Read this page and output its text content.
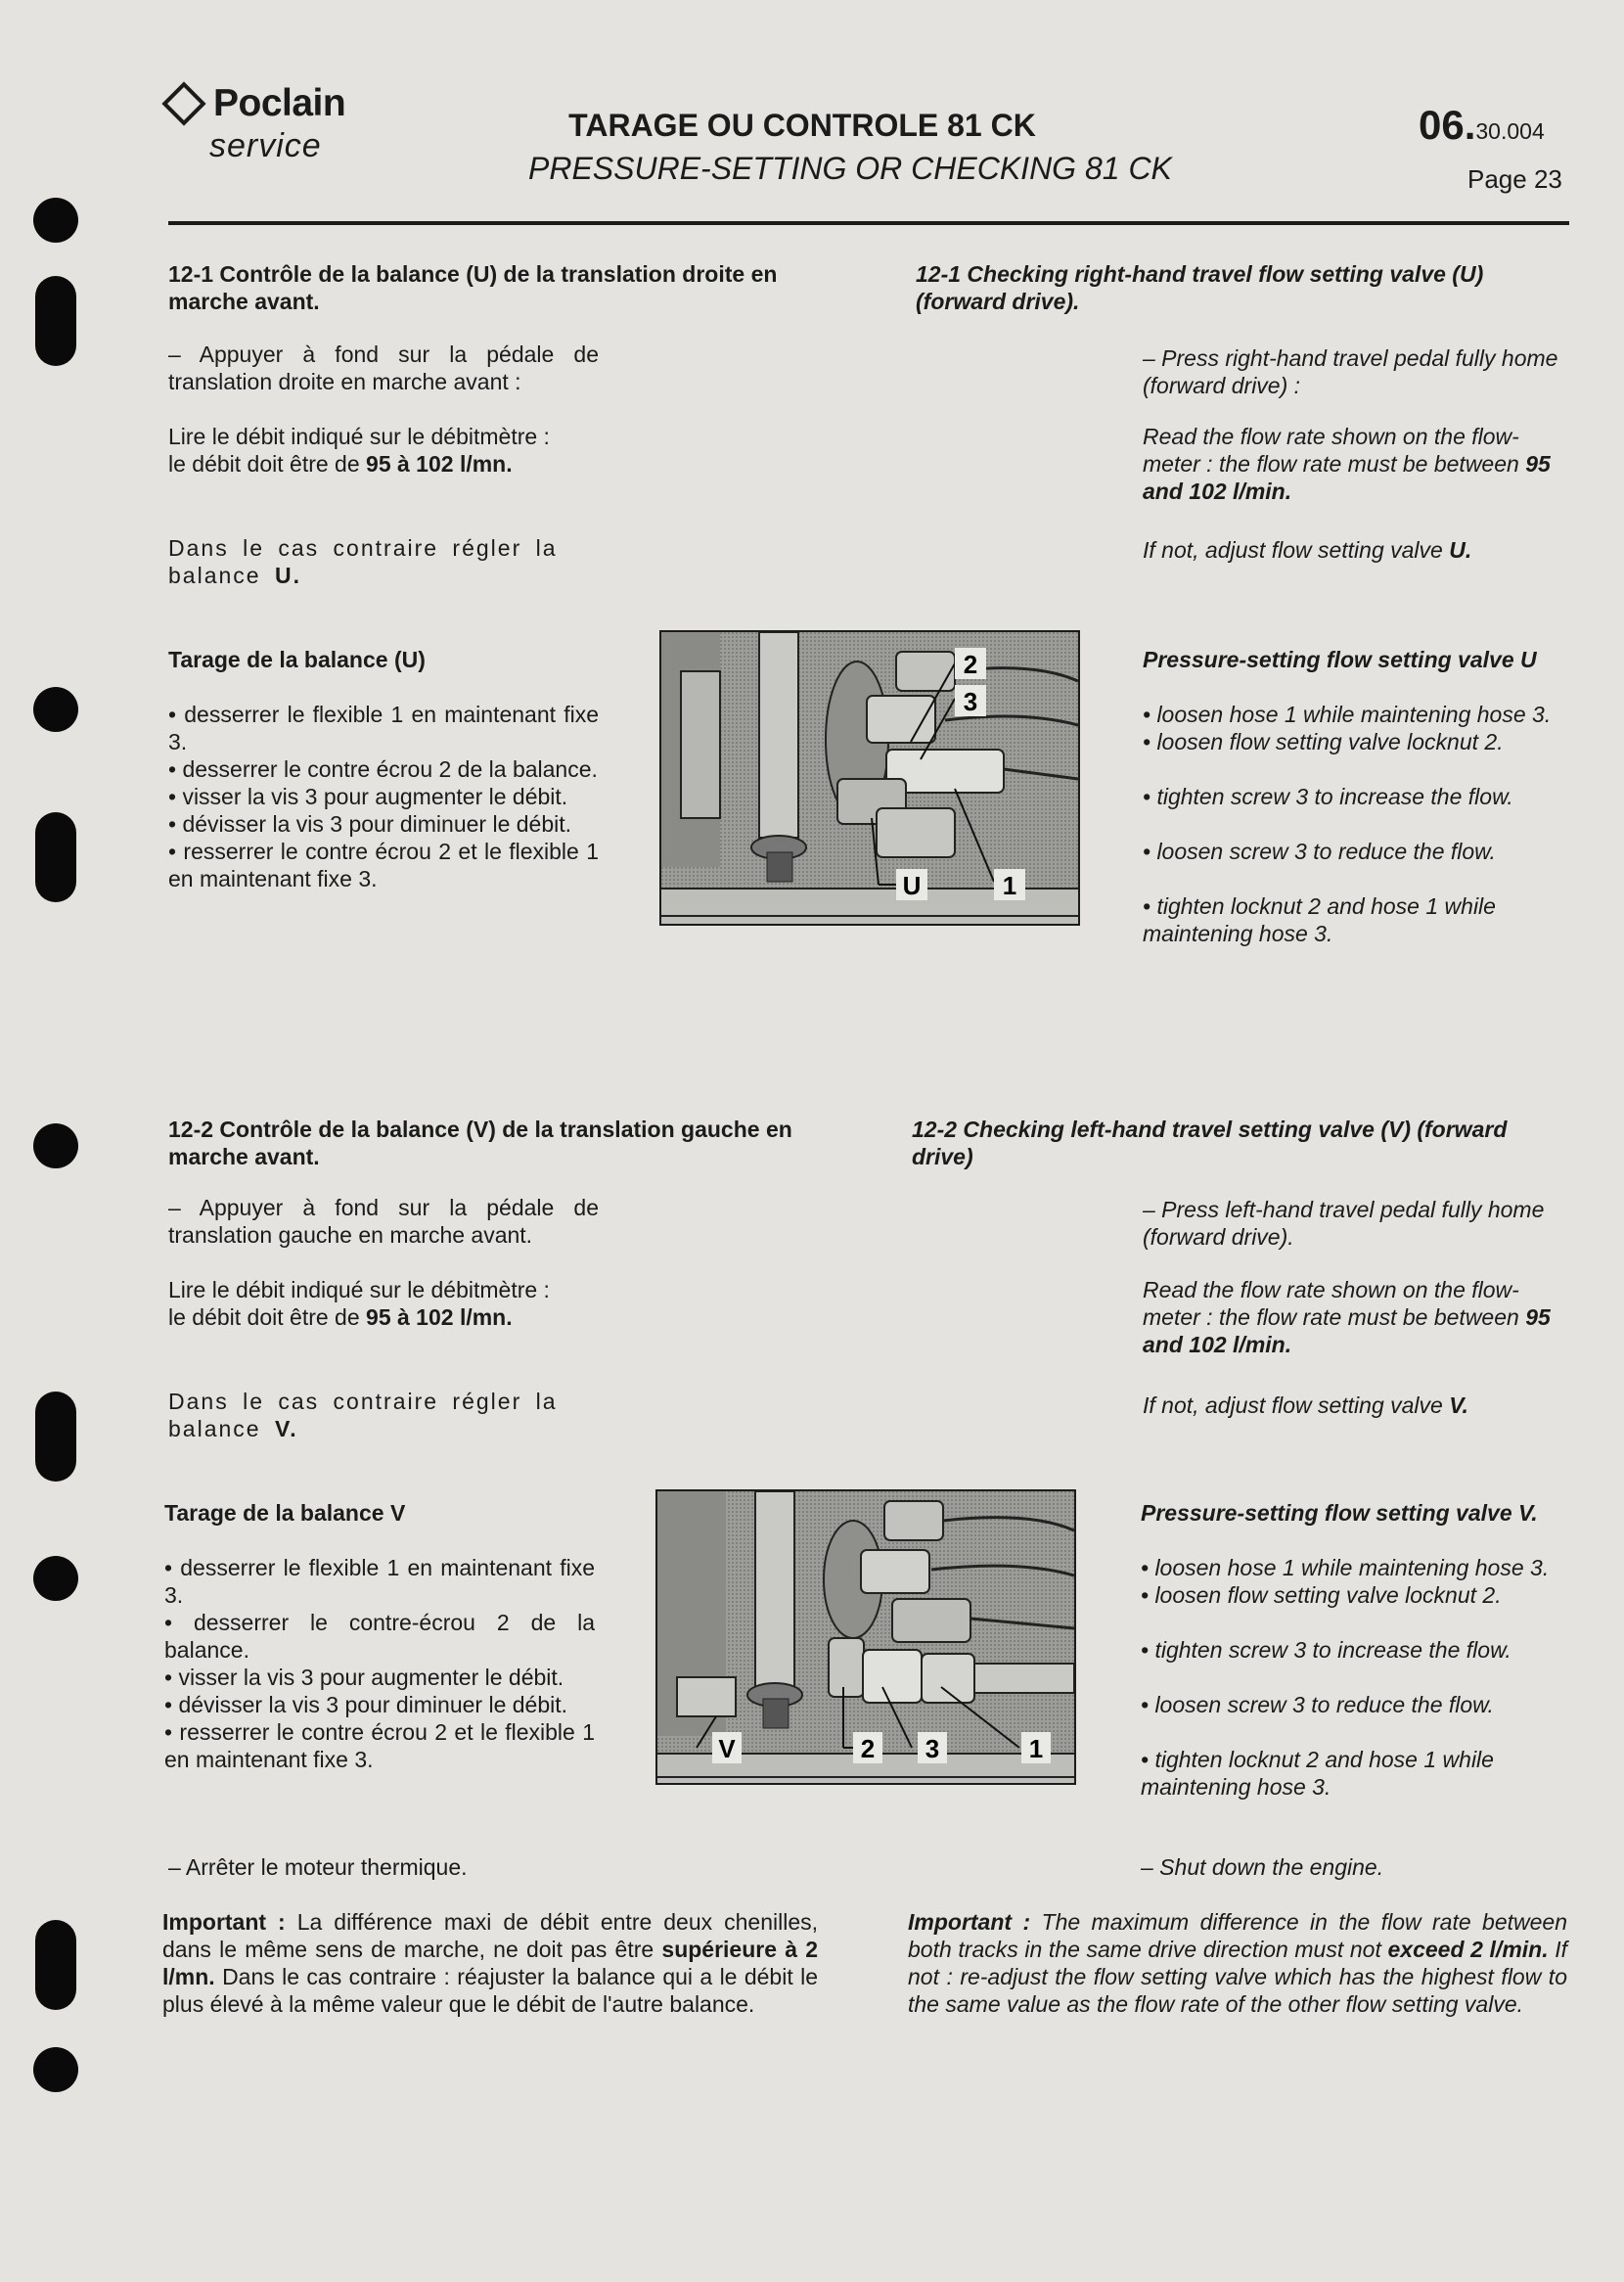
Poclain
service
TARAGE OU CONTROLE 81 CK
PRESSURE-SETTING OR CHECKING 81 CK
06.30.004
Page 23
12-1 Contrôle de la balance (U) de la translation droite en marche avant.
12-1 Checking right-hand travel flow setting valve (U) (forward drive).
– Appuyer à fond sur la pédale de translation droite en marche avant :
– Press right-hand travel pedal fully home (forward drive) :

Lire le débit indiqué sur le débitmètre :

le débit doit être de 95 à 102 l/mn.

Read the flow rate shown on the flow-meter : the flow rate must be between 95 and 102 l/min.
Dans le cas contraire régler la balance U.
If not, adjust flow setting valve U.
Tarage de la balance (U)	Pressure-setting flow setting valve U

• desserrer le flexible 1 en maintenant fixe 3.

• desserrer le contre écrou 2 de la balance.

• visser la vis 3 pour augmenter le débit.

• dévisser la vis 3 pour diminuer le débit.

• resserrer le contre écrou 2 et le flexible 1 en maintenant fixe 3.

• loosen hose 1 while maintening hose 3.

• loosen flow setting valve locknut 2.

• tighten screw 3 to increase the flow.

• loosen screw 3 to reduce the flow.

• tighten locknut 2 and hose 1 while maintening hose 3.

2
3
U	1
12-2 Contrôle de la balance (V) de la translation gauche en marche avant.
12-2 Checking left-hand travel setting valve (V) (forward drive)
– Appuyer à fond sur la pédale de translation gauche en marche avant.
– Press left-hand travel pedal fully home (forward drive).

Lire le débit indiqué sur le débitmètre :

le débit doit être de 95 à 102 l/mn.

Read the flow rate shown on the flow-meter : the flow rate must be between 95 and 102 l/min.
Dans le cas contraire régler la balance V.
If not, adjust flow setting valve V.
Tarage de la balance V	Pressure-setting flow setting valve V.

• desserrer le flexible 1 en maintenant fixe 3.

• desserrer le contre-écrou 2 de la balance.

• visser la vis 3 pour augmenter le débit.

• dévisser la vis 3 pour diminuer le débit.

• resserrer le contre écrou 2 et le flexible 1 en maintenant fixe 3.

• loosen hose 1 while maintening hose 3.

• loosen flow setting valve locknut 2.

• tighten screw 3 to increase the flow.

• loosen screw 3 to reduce the flow.

• tighten locknut 2 and hose 1 while maintening hose 3.

V	2 3	1
– Arrêter le moteur thermique.	– Shut down the engine.
Important : La différence maxi de débit entre deux chenilles, dans le même sens de marche, ne doit pas être supérieure à 2 l/mn. Dans le cas contraire : réajuster la balance qui a le débit le plus élevé à la même valeur que le débit de l'autre balance.
Important : The maximum difference in the flow rate between both tracks in the same drive direction must not exceed 2 l/min. If not : re-adjust the flow setting valve which has the highest flow to the same value as the flow rate of the other flow setting valve.
